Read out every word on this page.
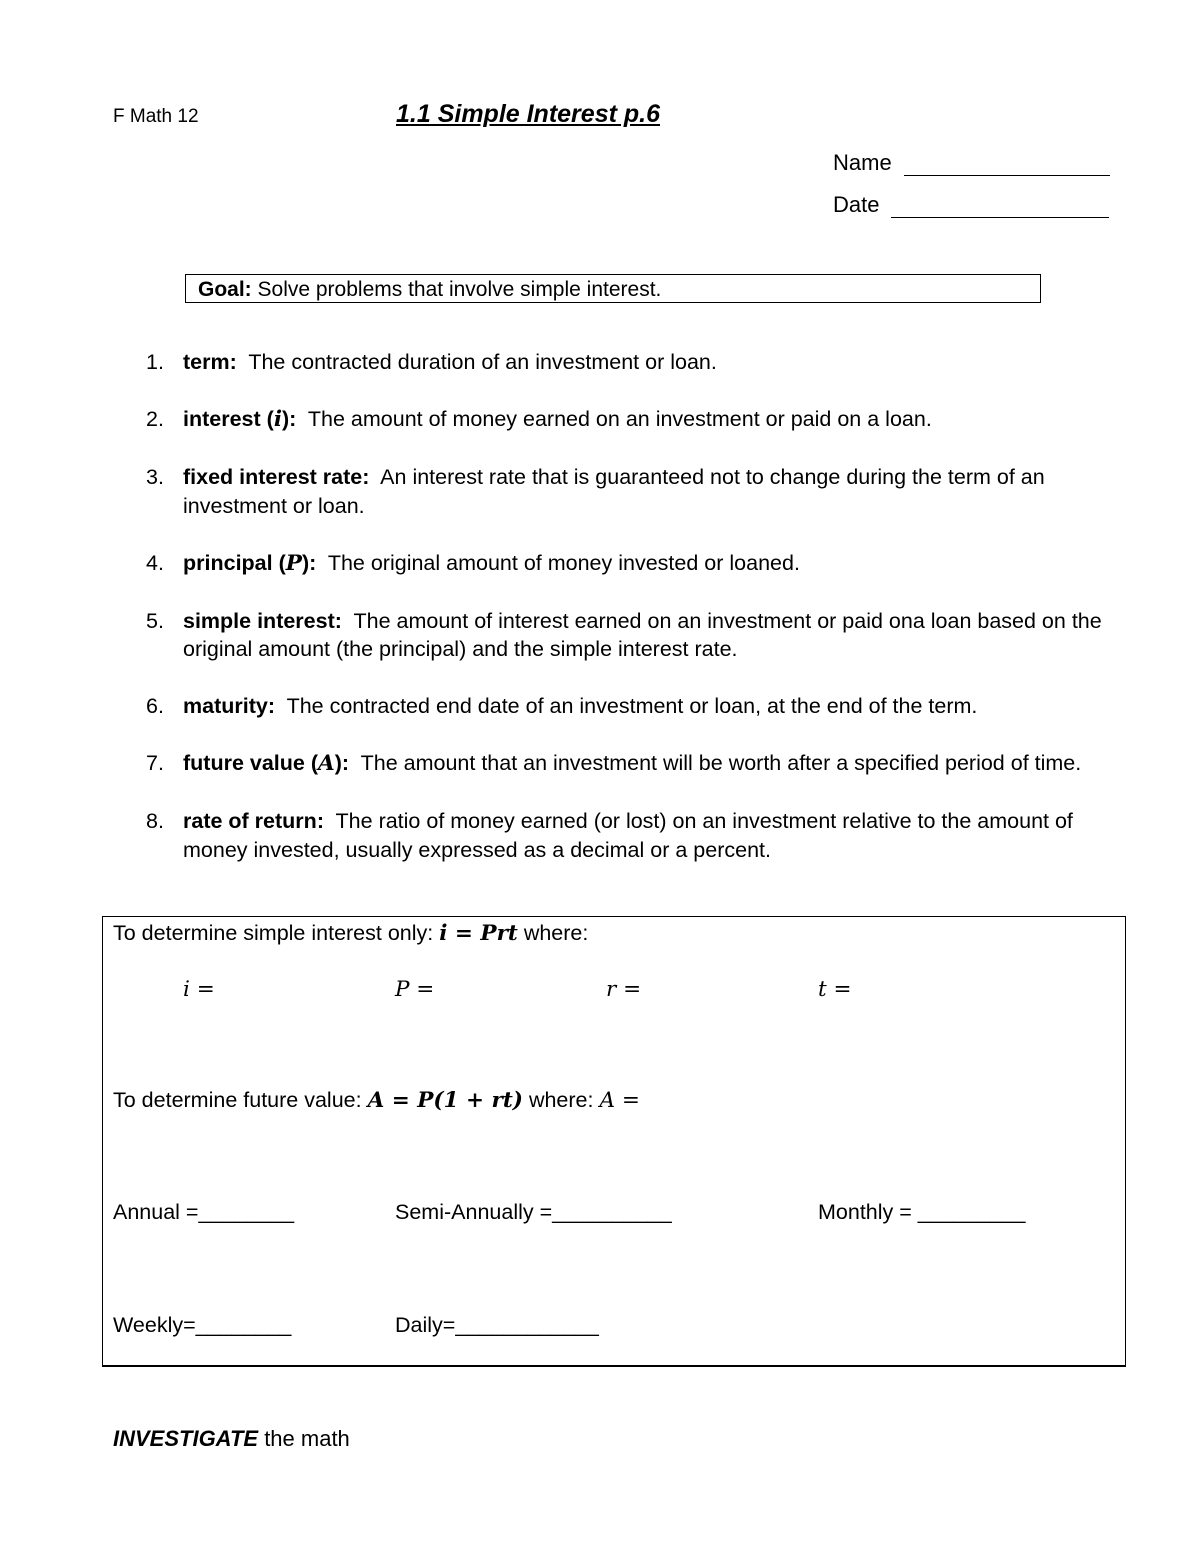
F Math 12	1.1 Simple Interest p.6
Name
Date
Goal: Solve problems that involve simple interest.
1. term: The contracted duration of an investment or loan.
2. interest (i): The amount of money earned on an investment or paid on a loan.
3. fixed interest rate: An interest rate that is guaranteed not to change during the term of an investment or loan.
4. principal (P): The original amount of money invested or loaned.
5. simple interest: The amount of interest earned on an investment or paid ona loan based on the original amount (the principal) and the simple interest rate.
6. maturity: The contracted end date of an investment or loan, at the end of the term.
7. future value (A): The amount that an investment will be worth after a specified period of time.
8. rate of return: The ratio of money earned (or lost) on an investment relative to the amount of money invested, usually expressed as a decimal or a percent.
To determine simple interest only: i = Prt where:
i =	P =	r =	t =
To determine future value: A = P(1 + rt) where: A =
Annual =________	Semi-Annually =__________	Monthly = _________
Weekly=________	Daily=____________
INVESTIGATE the math
